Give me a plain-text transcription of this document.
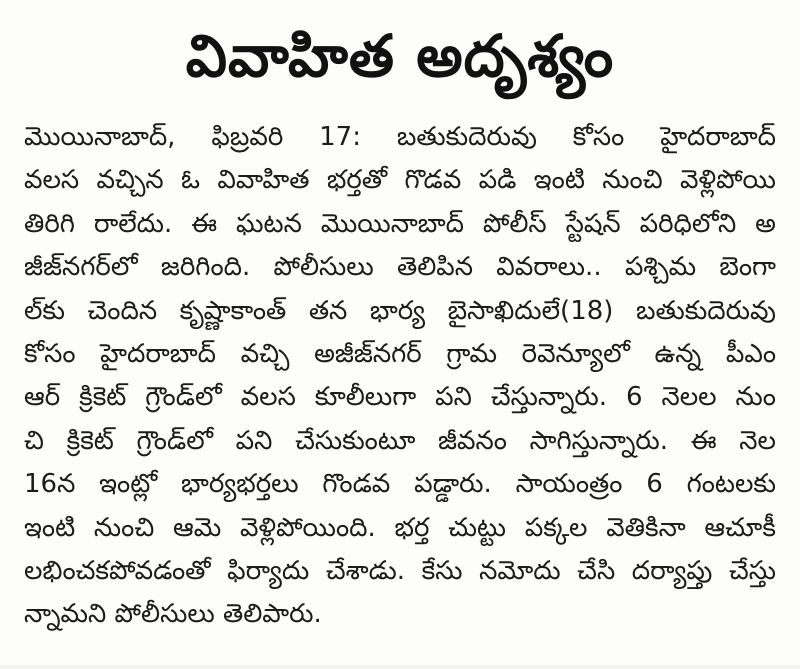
వివాహిత అదృశ్యం
మొయినాబాద్, ఫిబ్రవరి 17: బతుకుదెరువు కోసం హైదరాబాద్
వలస వచ్చిన ఓ వివాహిత భర్తతో గొడవ పడి ఇంటి నుంచి వెళ్లిపోయి
తిరిగి రాలేదు. ఈ ఘటన మొయినాబాద్ పోలీస్ స్టేషన్ పరిధిలోని అ
జీజ్‌నగర్‌లో జరిగింది. పోలీసులు తెలిపిన వివరాలు.. పశ్చిమ బెంగా
ల్‌కు చెందిన కృష్ణాకాంత్ తన భార్య బైసాఖిదులే(18) బతుకుదెరువు
కోసం హైదరాబాద్ వచ్చి అజీజ్‌నగర్ గ్రామ రెవెన్యూలో ఉన్న పీఎం
ఆర్ క్రికెట్ గ్రౌండ్‌లో వలస కూలీలుగా పని చేస్తున్నారు. 6 నెలల నుం
చి క్రికెట్ గ్రౌండ్‌లో పని చేసుకుంటూ జీవనం సాగిస్తున్నారు. ఈ నెల
16న ఇంట్లో భార్యభర్తలు గొండవ పడ్డారు. సాయంత్రం 6 గంటలకు
ఇంటి నుంచి ఆమె వెళ్లిపోయింది. భర్త చుట్టు పక్కల వెతికినా ఆచూకీ
లభించకపోవడంతో ఫిర్యాదు చేశాడు. కేసు నమోదు చేసి దర్యాప్తు చేస్తు
న్నామని పోలీసులు తెలిపారు.
